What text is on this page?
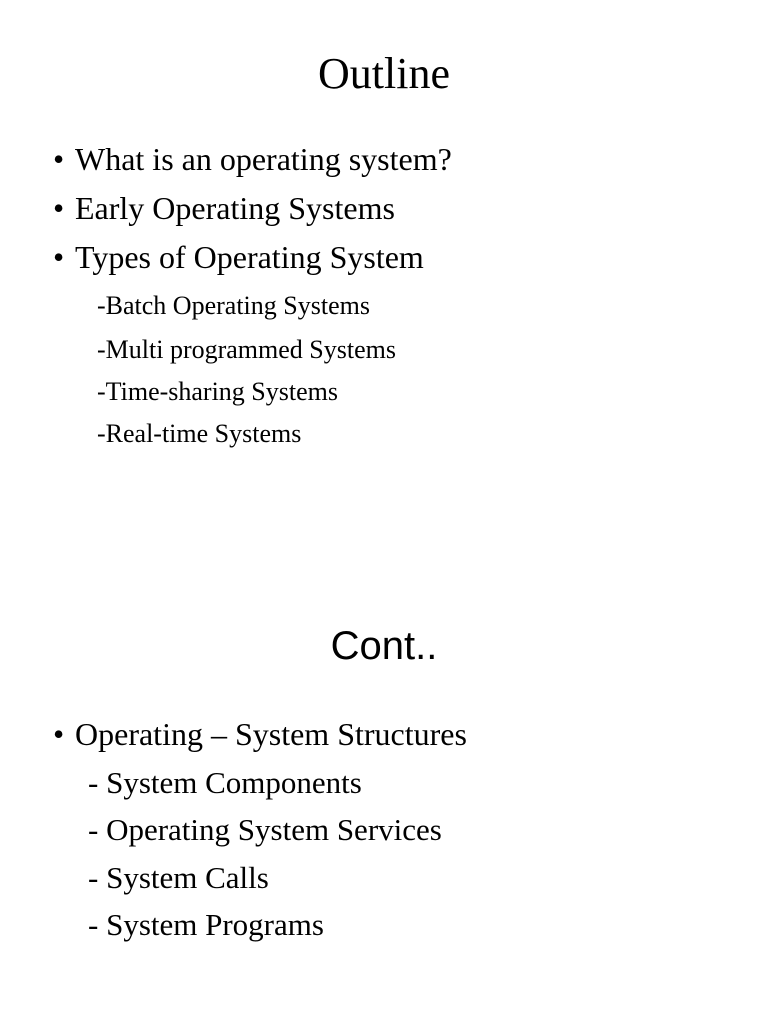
Outline
• What is an operating system?
• Early Operating Systems
• Types of Operating System
-Batch Operating Systems
-Multi programmed Systems
-Time-sharing Systems
-Real-time Systems
Cont..
• Operating – System Structures
- System Components
- Operating System Services
- System Calls
- System Programs
